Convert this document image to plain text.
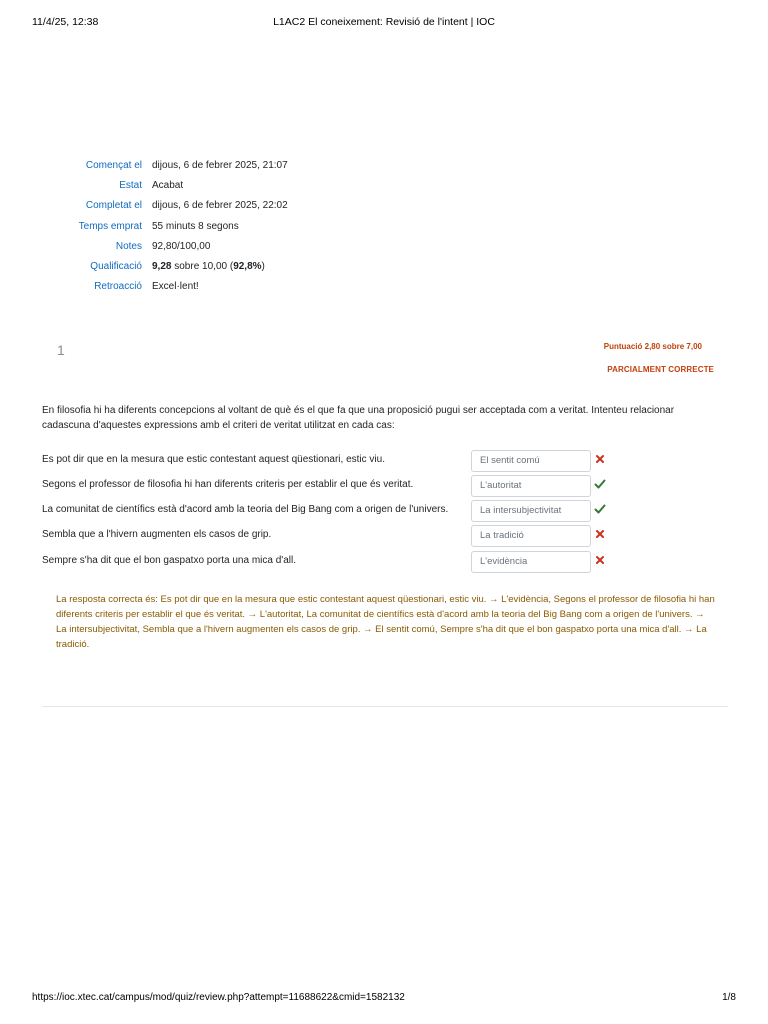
11/4/25, 12:38	L1AC2 El coneixement: Revisió de l'intent | IOC
Començat el dijous, 6 de febrer 2025, 21:07
Estat Acabat
Completat el dijous, 6 de febrer 2025, 22:02
Temps emprat 55 minuts 8 segons
Notes 92,80/100,00
Qualificació 9,28 sobre 10,00 (92,8%)
Retroacció Excel·lent!
1	Puntuació 2,80 sobre 7,00
PARCIALMENT CORRECTE
En filosofia hi ha diferents concepcions al voltant de què és el que fa que una proposició pugui ser acceptada com a veritat. Intenteu relacionar cadascuna d'aquestes expressions amb el criteri de veritat utilitzat en cada cas:
Es pot dir que en la mesura que estic contestant aquest qüestionari, estic viu.	El sentit comú
Segons el professor de filosofia hi han diferents criteris per establir el que és veritat.	L'autoritat
La comunitat de científics està d'acord amb la teoria del Big Bang com a origen de l'univers.	La intersubjectivitat
Sembla que a l'hivern augmenten els casos de grip.	La tradició
Sempre s'ha dit que el bon gaspatxo porta una mica d'all.	L'evidència
La resposta correcta és: Es pot dir que en la mesura que estic contestant aquest qüestionari, estic viu. → L'evidència, Segons el professor de filosofia hi han diferents criteris per establir el que és veritat. → L'autoritat, La comunitat de científics està d'acord amb la teoria del Big Bang com a origen de l'univers. → La intersubjectivitat, Sembla que a l'hivern augmenten els casos de grip. → El sentit comú, Sempre s'ha dit que el bon gaspatxo porta una mica d'all. → La tradició.
https://ioc.xtec.cat/campus/mod/quiz/review.php?attempt=11688622&cmid=1582132	1/8
